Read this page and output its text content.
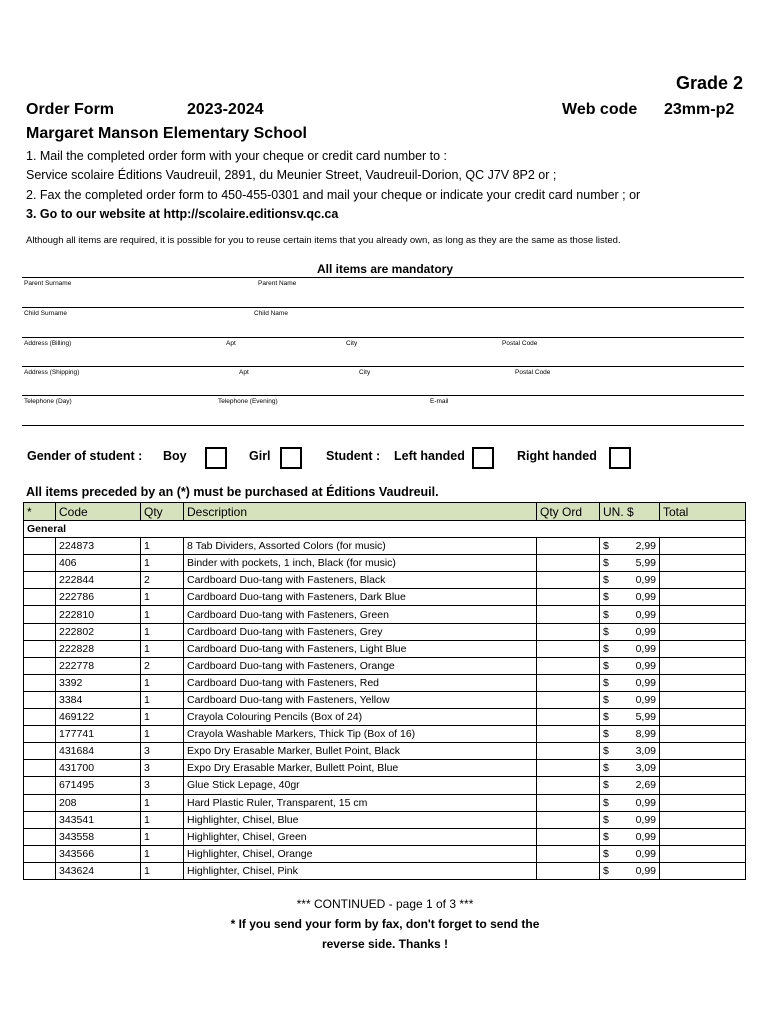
Grade 2
Order Form	2023-2024	Web code 23mm-p2
Margaret Manson Elementary School
1. Mail the completed order form with your cheque or credit card number to :
Service scolaire Éditions Vaudreuil, 2891, du Meunier Street, Vaudreuil-Dorion, QC J7V 8P2 or ;
2. Fax the completed order form to 450-455-0301 and mail your cheque or indicate your credit card number ; or
3. Go to our website at http://scolaire.editionsv.qc.ca
Although all items are required, it is possible for you to reuse certain items that you already own, as long as they are the same as those listed.
All items are mandatory
Parent Surname	Parent Name
Child Surname	Child Name
Address (Billing)	Apt	City	Postal Code
Address (Shipping)	Apt	City	Postal Code
Telephone (Day)	Telephone (Evening)	E-mail
Gender of student : Boy	Girl	Student : Left handed	Right handed
All items preceded by an (*) must be purchased at Éditions Vaudreuil.
*	Code	Qty	Description	Qty Ord	UN. $	Total
General						
	224873	1	8 Tab Dividers, Assorted Colors (for music)		$ 2,99	

	406	1	Binder with pockets, 1 inch, Black (for music)		$ 5,99	

	222844	2	Cardboard Duo-tang with Fasteners, Black		$ 0,99	

	222786	1	Cardboard Duo-tang with Fasteners, Dark Blue		$ 0,99	

	222810	1	Cardboard Duo-tang with Fasteners, Green		$ 0,99	

	222802	1	Cardboard Duo-tang with Fasteners, Grey		$ 0,99	

	222828	1	Cardboard Duo-tang with Fasteners, Light Blue		$ 0,99	

	222778	2	Cardboard Duo-tang with Fasteners, Orange		$ 0,99	

	3392	1	Cardboard Duo-tang with Fasteners, Red		$ 0,99	

	3384	1	Cardboard Duo-tang with Fasteners, Yellow		$ 0,99	

	469122	1	Crayola Colouring Pencils (Box of 24)		$ 5,99	

	177741	1	Crayola Washable Markers, Thick Tip (Box of 16)		$ 8,99	

	431684	3	Expo Dry Erasable Marker, Bullet Point, Black		$ 3,09	

	431700	3	Expo Dry Erasable Marker, Bullett Point, Blue		$ 3,09	

	671495	3	Glue Stick Lepage, 40gr		$ 2,69	

	208	1	Hard Plastic Ruler, Transparent, 15 cm		$ 0,99	

	343541	1	Highlighter, Chisel, Blue		$ 0,99	

	343558	1	Highlighter, Chisel, Green		$ 0,99	

	343566	1	Highlighter, Chisel, Orange		$ 0,99	

	343624	1	Highlighter, Chisel, Pink		$ 0,99	

*** CONTINUED - page 1 of 3 ***
* If you send your form by fax, don't forget to send the
reverse side. Thanks !
